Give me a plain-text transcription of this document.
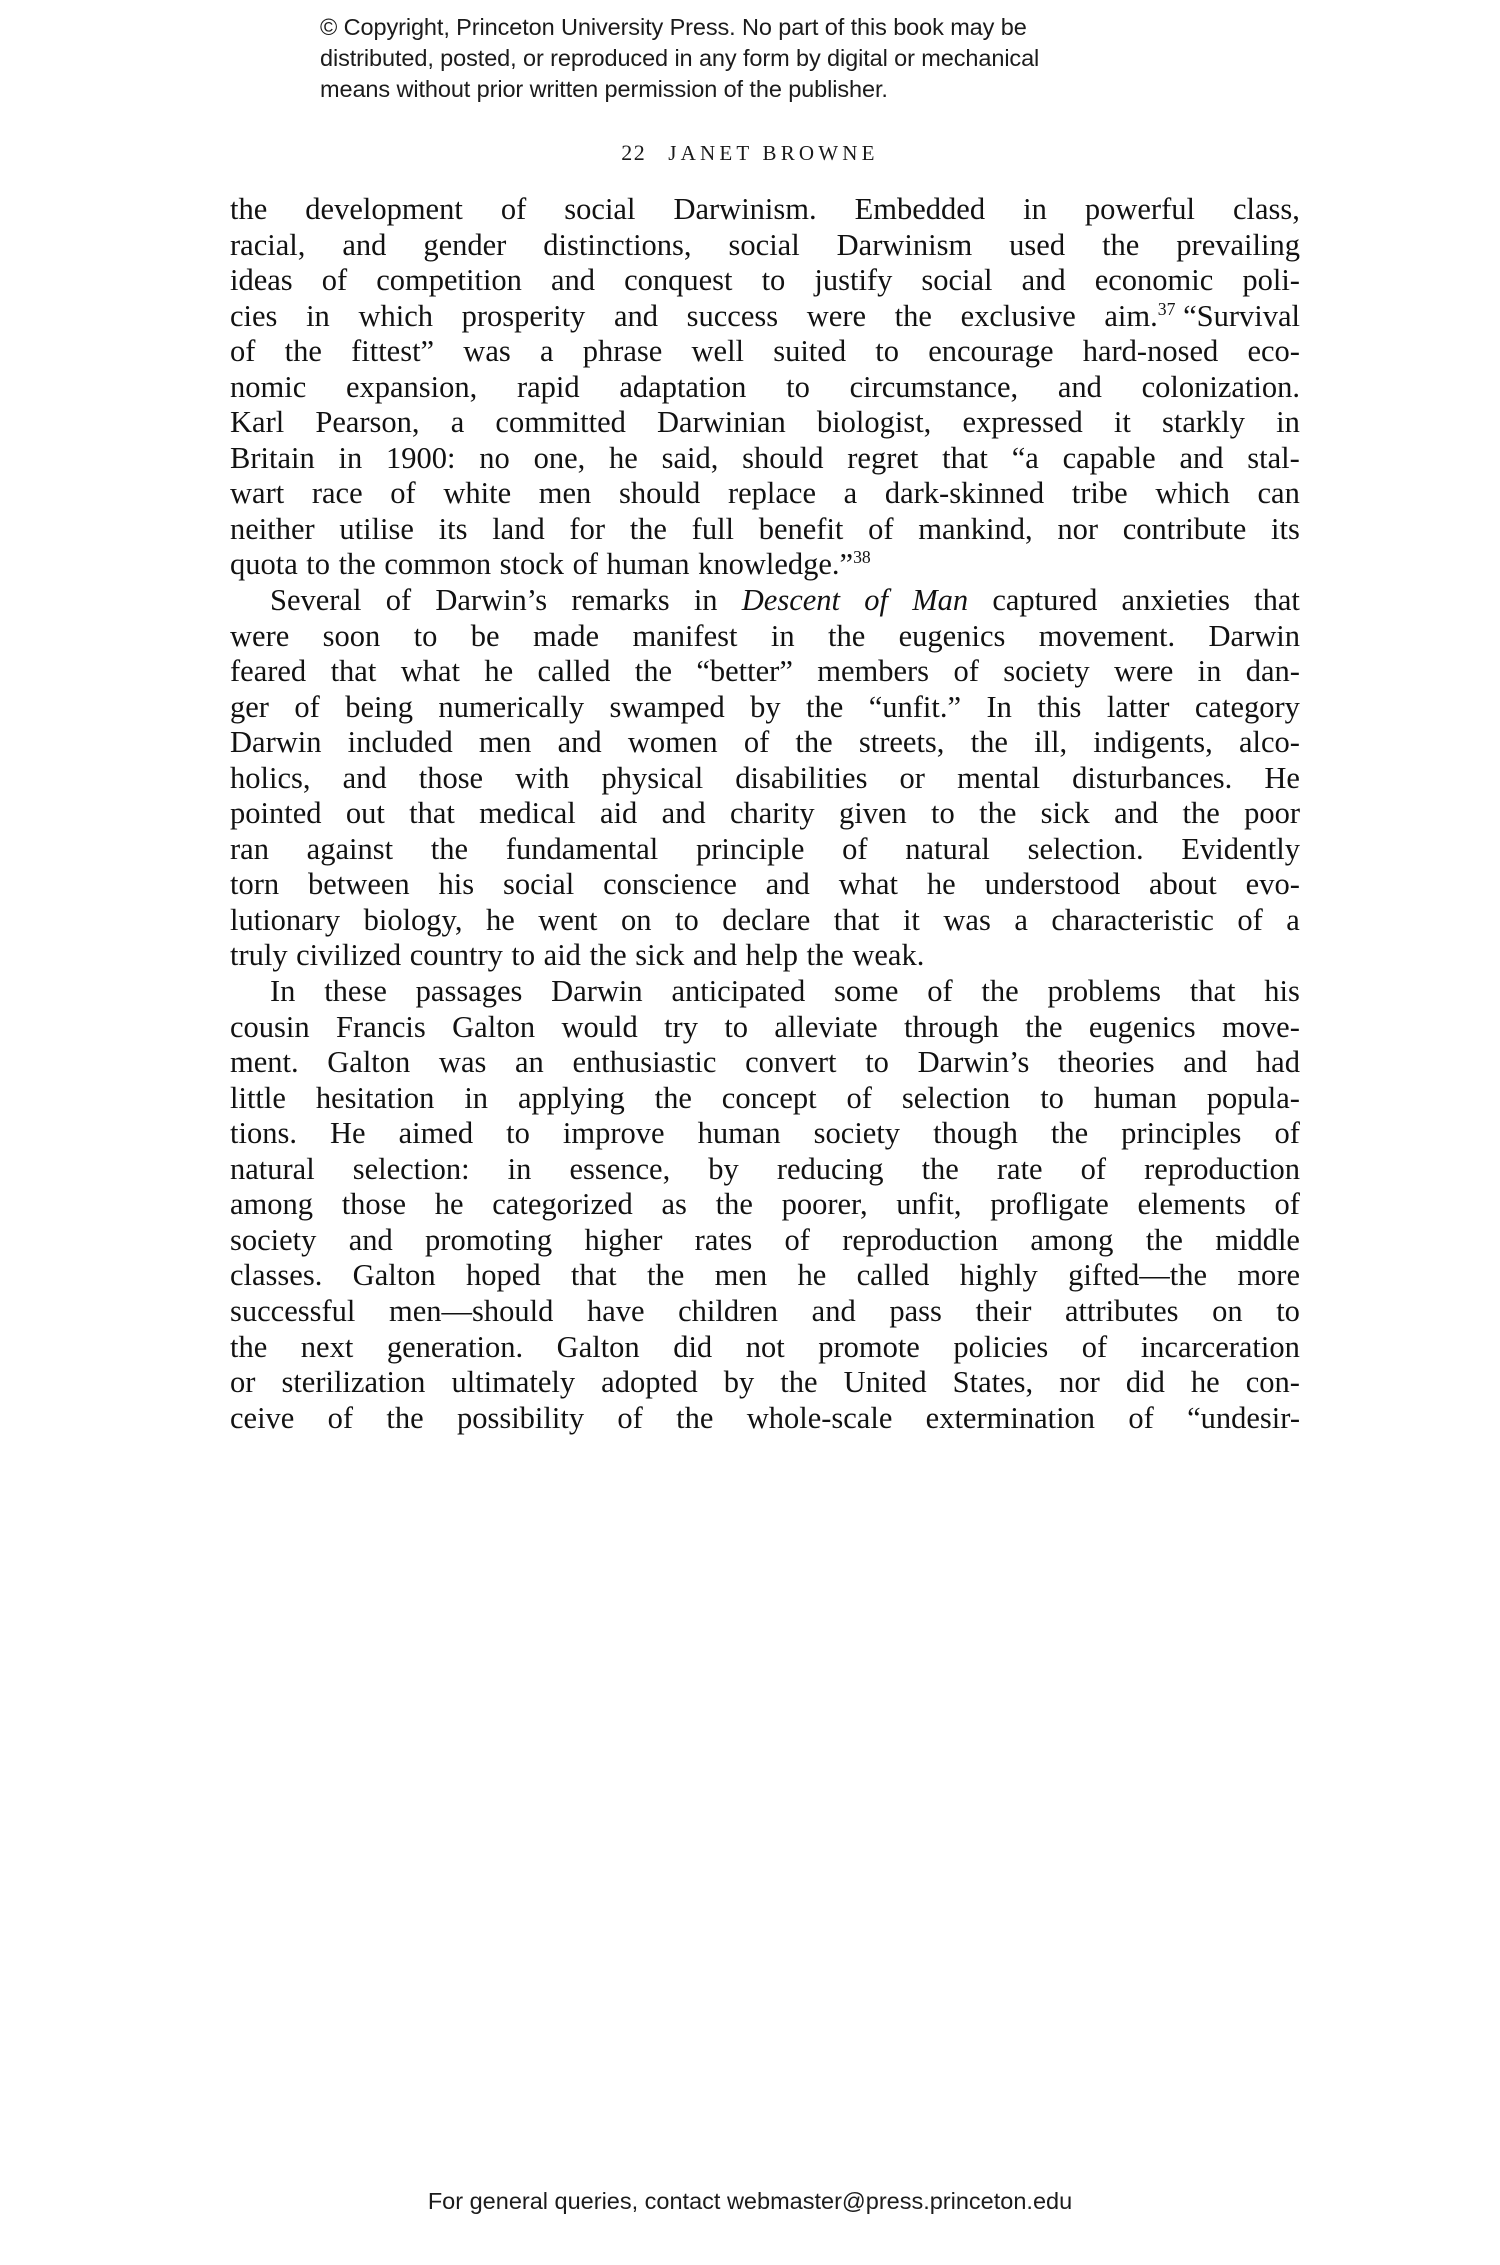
© Copyright, Princeton University Press. No part of this book may be
distributed, posted, or reproduced in any form by digital or mechanical
means without prior written permission of the publisher.
22 JANET BROWNE
the development of social Darwinism. Embedded in powerful class,
racial, and gender distinctions, social Darwinism used the prevailing
ideas of competition and conquest to justify social and economic poli-
cies in which prosperity and success were the exclusive aim.$^{37}$ “Survival
of the fittest” was a phrase well suited to encourage hard-nosed eco-
nomic expansion, rapid adaptation to circumstance, and colonization.
Karl Pearson, a committed Darwinian biologist, expressed it starkly in
Britain in 1900: no one, he said, should regret that “a capable and stal-
wart race of white men should replace a dark-skinned tribe which can
neither utilise its land for the full benefit of mankind, nor contribute its
quota to the common stock of human knowledge.”$^{38}$
Several of Darwin’s remarks in Descent of Man captured anxieties that
were soon to be made manifest in the eugenics movement. Darwin
feared that what he called the “better” members of society were in dan-
ger of being numerically swamped by the “unfit.” In this latter category
Darwin included men and women of the streets, the ill, indigents, alco-
holics, and those with physical disabilities or mental disturbances. He
pointed out that medical aid and charity given to the sick and the poor
ran against the fundamental principle of natural selection. Evidently
torn between his social conscience and what he understood about evo-
lutionary biology, he went on to declare that it was a characteristic of a
truly civilized country to aid the sick and help the weak.
In these passages Darwin anticipated some of the problems that his
cousin Francis Galton would try to alleviate through the eugenics move-
ment. Galton was an enthusiastic convert to Darwin’s theories and had
little hesitation in applying the concept of selection to human popula-
tions. He aimed to improve human society though the principles of
natural selection: in essence, by reducing the rate of reproduction
among those he categorized as the poorer, unfit, profligate elements of
society and promoting higher rates of reproduction among the middle
classes. Galton hoped that the men he called highly gifted—the more
successful men—should have children and pass their attributes on to
the next generation. Galton did not promote policies of incarceration
or sterilization ultimately adopted by the United States, nor did he con-
ceive of the possibility of the whole-scale extermination of “undesir-
For general queries, contact webmaster@press.princeton.edu
